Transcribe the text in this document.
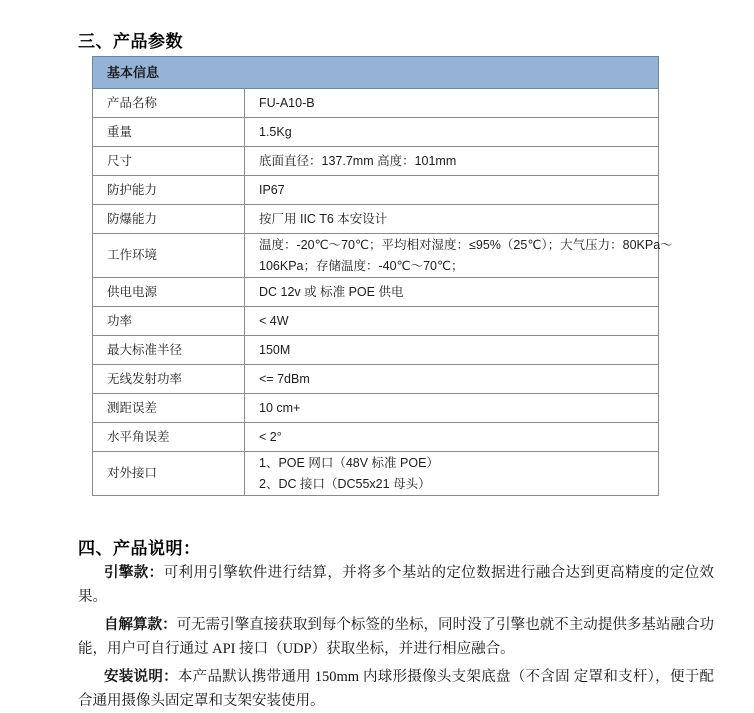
三、产品参数
基本信息	
产品名称	FU-A10-B
重量	1.5Kg
尺寸	底面直径：137.7mm 高度：101mm
防护能力	IP67
防爆能力	按厂用 IIC T6 本安设计
工作环境	温度：-20℃～70℃；平均相对湿度：≤95%（25℃）；大气压力：80KPa～
106KPa；存储温度：-40℃～70℃；

供电电源	DC 12v 或 标准 POE 供电
功率	< 4W
最大标准半径	150M
无线发射功率	<= 7dBm
测距误差	10 cm+
水平角误差	< 2°
对外接口	1、POE 网口（48V 标准 POE）
2、DC 接口（DC55x21 母头）
四、产品说明：

引擎款：可利用引擎软件进行结算，并将多个基站的定位数据进行融合达到更高精度的定位效果。

自解算款：可无需引擎直接获取到每个标签的坐标，同时没了引擎也就不主动提供多基站融合功能，用户可自行通过 API 接口（UDP）获取坐标，并进行相应融合。

安装说明：本产品默认携带通用 150mm 内球形摄像头支架底盘（不含固 定罩和支杆），便于配合通用摄像头固定罩和支架安装使用。
